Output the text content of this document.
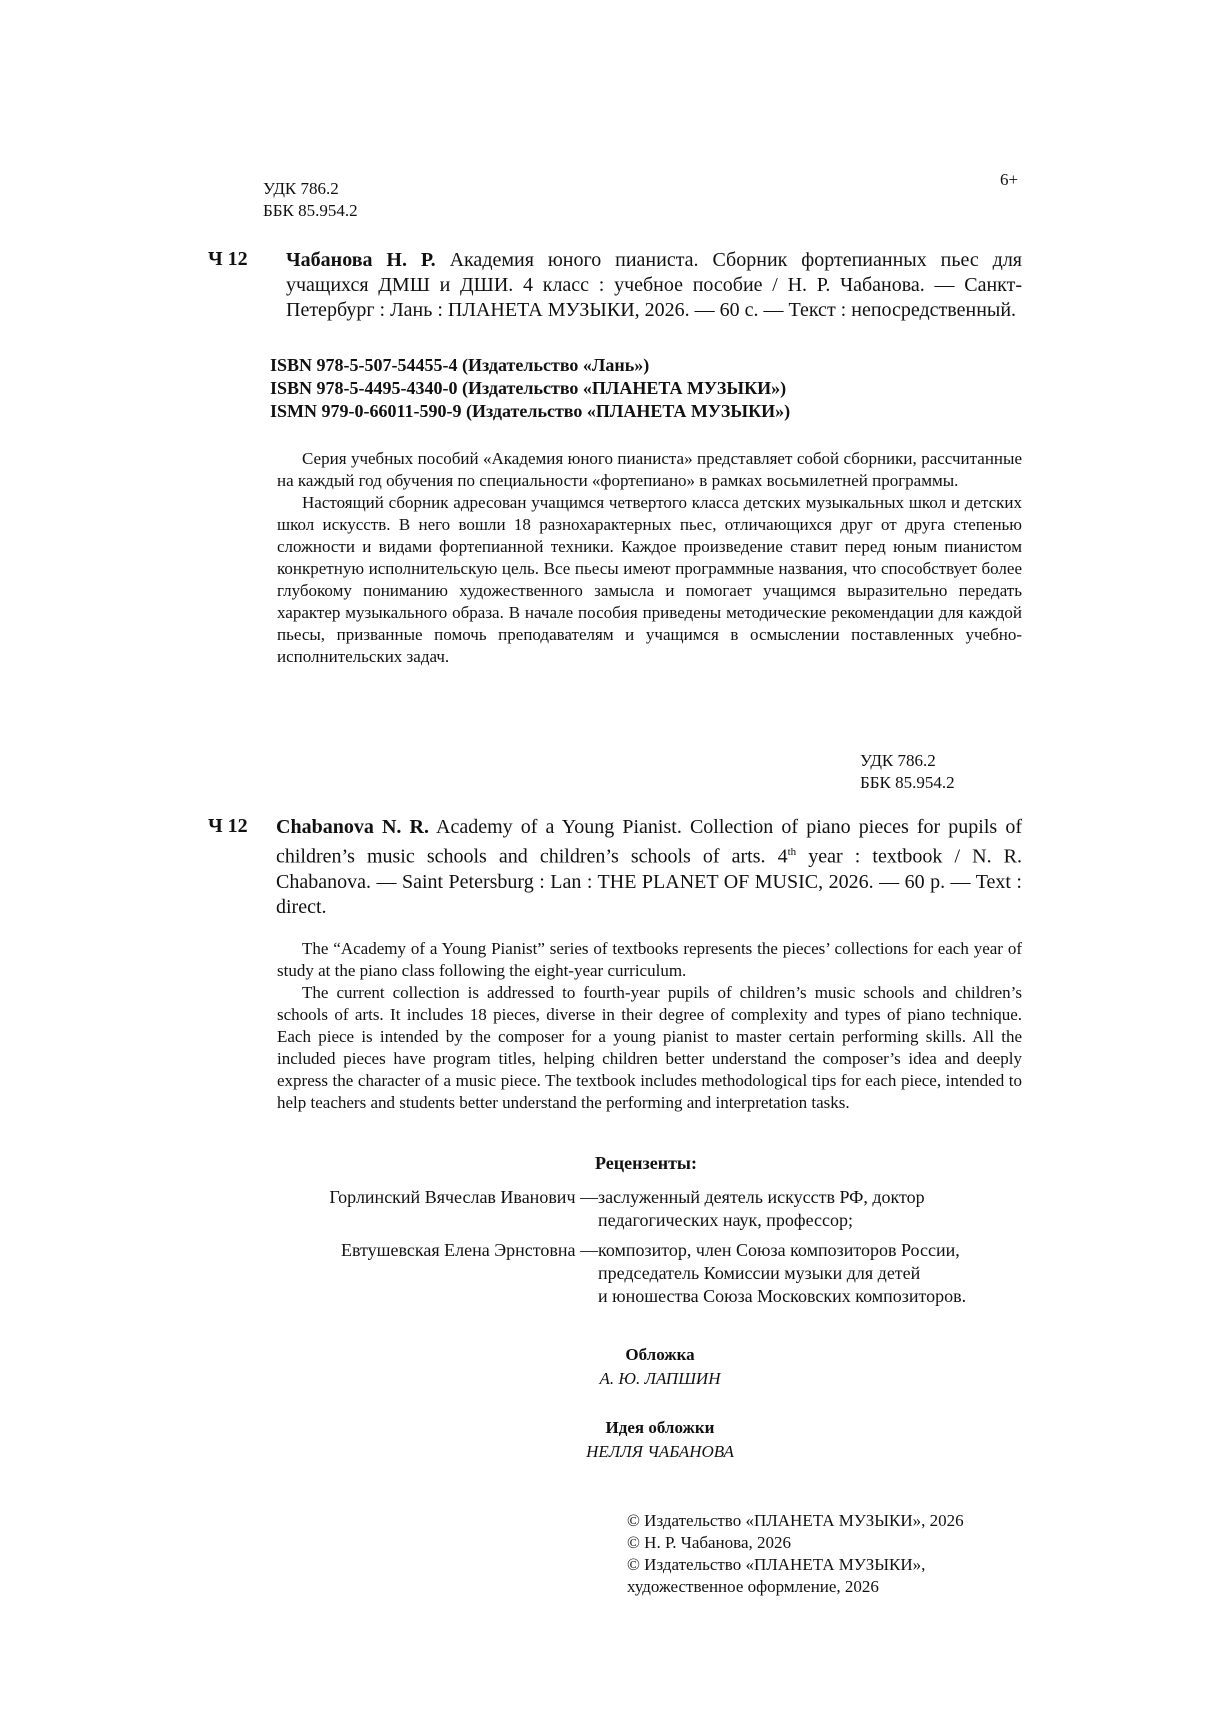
УДК 786.2
ББК 85.954.2
6+
Ч 12 Чабанова Н. Р. Академия юного пианиста. Сборник фортепианных пьес для учащихся ДМШ и ДШИ. 4 класс : учебное пособие / Н. Р. Чабанова. — Санкт-Петербург : Лань : ПЛАНЕТА МУЗЫКИ, 2026. — 60 с. — Текст : непосредственный.
ISBN 978-5-507-54455-4 (Издательство «Лань»)
ISBN 978-5-4495-4340-0 (Издательство «ПЛАНЕТА МУЗЫКИ»)
ISMN 979-0-66011-590-9 (Издательство «ПЛАНЕТА МУЗЫКИ»)

Серия учебных пособий «Академия юного пианиста» представляет собой сборники, рассчитанные на каждый год обучения по специальности «фортепиано» в рамках восьмилетней программы.

Настоящий сборник адресован учащимся четвертого класса детских музыкальных школ и детских школ искусств. В него вошли 18 разнохарактерных пьес, отличающихся друг от друга степенью сложности и видами фортепианной техники. Каждое произведение ставит перед юным пианистом конкретную исполнительскую цель. Все пьесы имеют программные названия, что способствует более глубокому пониманию художественного замысла и помогает учащимся выразительно передать характер музыкального образа. В начале пособия приведены методические рекомендации для каждой пьесы, призванные помочь преподавателям и учащимся в осмыслении поставленных учебно-исполнительских задач.

УДК 786.2
ББК 85.954.2
Ч 12 Chabanova N. R. Academy of a Young Pianist. Collection of piano pieces for pupils of children’s music schools and children’s schools of arts. 4th year : textbook / N. R. Chabanova. — Saint Petersburg : Lan : THE PLANET OF MUSIC, 2026. — 60 p. — Text : direct.

The “Academy of a Young Pianist” series of textbooks represents the pieces’ collections for each year of study at the piano class following the eight-year curriculum.

The current collection is addressed to fourth-year pupils of children’s music schools and children’s schools of arts. It includes 18 pieces, diverse in their degree of complexity and types of piano technique. Each piece is intended by the composer for a young pianist to master certain performing skills. All the included pieces have program titles, helping children better understand the composer’s idea and deeply express the character of a music piece. The textbook includes methodological tips for each piece, intended to help teachers and students better understand the performing and interpretation tasks.

Рецензенты:
Горлинский Вячеслав Иванович — заслуженный деятель искусств РФ, доктор
педагогических наук, профессор;
Евтушевская Елена Эрнстовна — композитор, член Союза композиторов России,
председатель Комиссии музыки для детей
и юношества Союза Московских композиторов.
Обложка
А. Ю. ЛАПШИН
Идея обложки
НЕЛЛЯ ЧАБАНОВА
© Издательство «ПЛАНЕТА МУЗЫКИ», 2026
© Н. Р. Чабанова, 2026
© Издательство «ПЛАНЕТА МУЗЫКИ»,
художественное оформление, 2026
